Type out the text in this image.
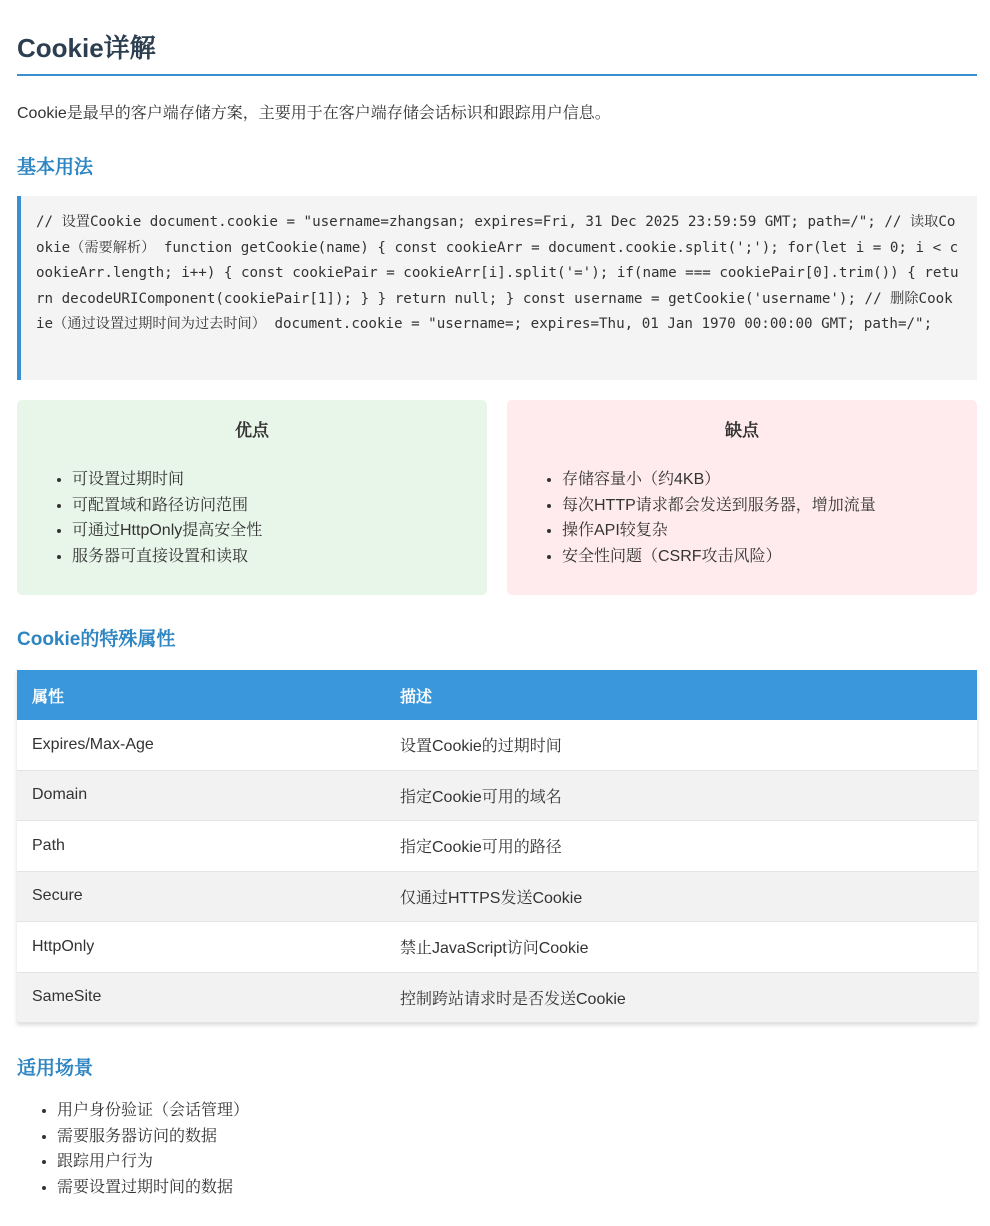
Cookie详解

Cookie是最早的客户端存储方案，主要用于在客户端存储会话标识和跟踪用户信息。

基本用法
// 设置Cookie document.cookie = "username=zhangsan; expires=Fri, 31 Dec 2025 23:59:59 GMT; path=/"; // 读取Cookie（需要解析） function getCookie(name) { const cookieArr = document.cookie.split(';'); for(let i = 0; i < cookieArr.length; i++) { const cookiePair = cookieArr[i].split('='); if(name === cookiePair[0].trim()) { return decodeURIComponent(cookiePair[1]); } } return null; } const username = getCookie('username'); // 删除Cookie（通过设置过期时间为过去时间） document.cookie = "username=; expires=Thu, 01 Jan 1970 00:00:00 GMT; path=/";
优点
• 可设置过期时间
• 可配置域和路径访问范围
• 可通过HttpOnly提高安全性
• 服务器可直接设置和读取
缺点
• 存储容量小（约4KB）
• 每次HTTP请求都会发送到服务器，增加流量
• 操作API较复杂
• 安全性问题（CSRF攻击风险）
Cookie的特殊属性
属性	描述
Expires/Max-Age	设置Cookie的过期时间
Domain	指定Cookie可用的域名
Path	指定Cookie可用的路径
Secure	仅通过HTTPS发送Cookie
HttpOnly	禁止JavaScript访问Cookie
SameSite	控制跨站请求时是否发送Cookie
适用场景
• 用户身份验证（会话管理）
• 需要服务器访问的数据
• 跟踪用户行为
• 需要设置过期时间的数据
